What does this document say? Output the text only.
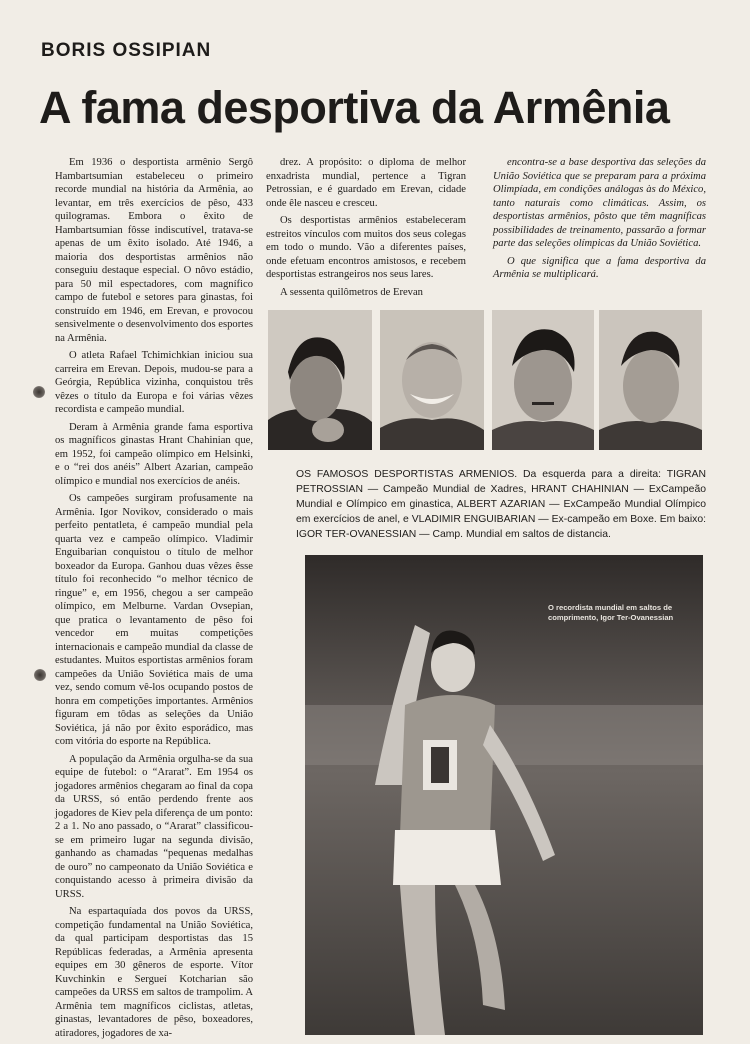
BORIS OSSIPIAN
A fama desportiva da Armênia

Em 1936 o desportista armênio Sergô Hambartsumian estabeleceu o primeiro recorde mundial na história da Armênia, ao levantar, em três exercícios de pêso, 433 quilogramas. Embora o êxito de Hambartsumian fôsse indiscutível, tratava-se apenas de um êxito isolado. Até 1946, a maioria dos desportistas armênios não conseguiu destaque especial. O nôvo estádio, para 50 mil espectadores, com magnífico campo de futebol e setores para ginastas, foi construído em 1946, em Erevan, e provocou sensìvelmente o desenvolvimento dos esportes na Armênia.

O atleta Rafael Tchimichkian iniciou sua carreira em Erevan. Depois, mudou-se para a Geórgia, República vizinha, conquistou três vêzes o título da Europa e foi várias vêzes recordista e campeão mundial.

Deram à Armênia grande fama esportiva os magníficos ginastas Hrant Chahinian que, em 1952, foi campeão olímpico em Helsinki, e o “rei dos anéis” Albert Azarian, campeão olímpico e mundial nos exercícios de anéis.

Os campeões surgiram profusamente na Armênia. Igor Novikov, considerado o mais perfeito pentatleta, é campeão mundial pela quarta vez e campeão olímpico. Vladimir Enguibarian conquistou o título de melhor boxeador da Europa. Ganhou duas vêzes êsse título foi reconhecido “o melhor técnico de ringue” e, em 1956, chegou a ser campeão olímpico, em Melburne. Vardan Ovsepian, que pratica o levantamento de pêso foi vencedor em muitas competições internacionais e campeão mundial da classe de estudantes. Muitos esportistas armênios foram campeões da União Soviética mais de uma vez, sendo comum vê-los ocupando postos de honra em competições importantes. Armênios figuram em tôdas as seleções da União Soviética, já não por êxito esporádico, mas com vitória do esporte na República.

A população da Armênia orgulha-se da sua equipe de futebol: o “Ararat”. Em 1954 os jogadores armênios chegaram ao final da copa da URSS, só então perdendo frente aos jogadores de Kiev pela diferença de um ponto: 2 a 1. No ano passado, o “Ararat” classificou-se em primeiro lugar na segunda divisão, ganhando as chamadas “pequenas medalhas de ouro” no campeonato da União Soviética e conquistando acesso à primeira divisão da URSS.

Na espartaquíada dos povos da URSS, competição fundamental na União Soviética, da qual participam desportistas das 15 Repúblicas federadas, a Armênia apresenta equipes em 30 gêneros de esporte. Vítor Kuvchinkin e Sergueí Kotcharian são campeões da URSS em saltos de trampolim. A Armênia tem magníficos ciclistas, atletas, ginastas, levantadores de pêso, boxeadores, atiradores, jogadores de xa-

drez. A propósito: o diploma de melhor enxadrista mundial, pertence a Tigran Petrossian, e é guardado em Erevan, cidade onde êle nasceu e cresceu.

Os desportistas armênios estabeleceram estreitos vínculos com muitos dos seus colegas em todo o mundo. Vão a diferentes países, onde efetuam encontros amistosos, e recebem desportistas estrangeiros nos seus lares.

A sessenta quilômetros de Erevan

encontra-se a base desportiva das seleções da União Soviética que se preparam para a próxima Olimpíada, em condições análogas às do México, tanto naturais como climáticas. Assim, os desportistas armênios, pôsto que têm magníficas possibilidades de treinamento, passarão a formar parte das seleções olímpicas da União Soviética.

O que significa que a fama desportiva da Armênia se multiplicará.

OS FAMOSOS DESPORTISTAS ARMENIOS. Da esquerda para a direita: TIGRAN PETROSSIAN — Campeão Mundial de Xadres, HRANT CHAHINIAN — ExCampeão Mundial e Olímpico em ginastica, ALBERT AZARIAN — ExCampeão Mundial Olímpico em exercícios de anel, e VLADIMIR ENGUIBARIAN — Ex-campeão em Boxe. Em baixo: IGOR TER-OVANESSIAN — Camp. Mundial em saltos de distancia.
O recordista mundial em saltos de comprimento, Igor Ter-Ovanessian
